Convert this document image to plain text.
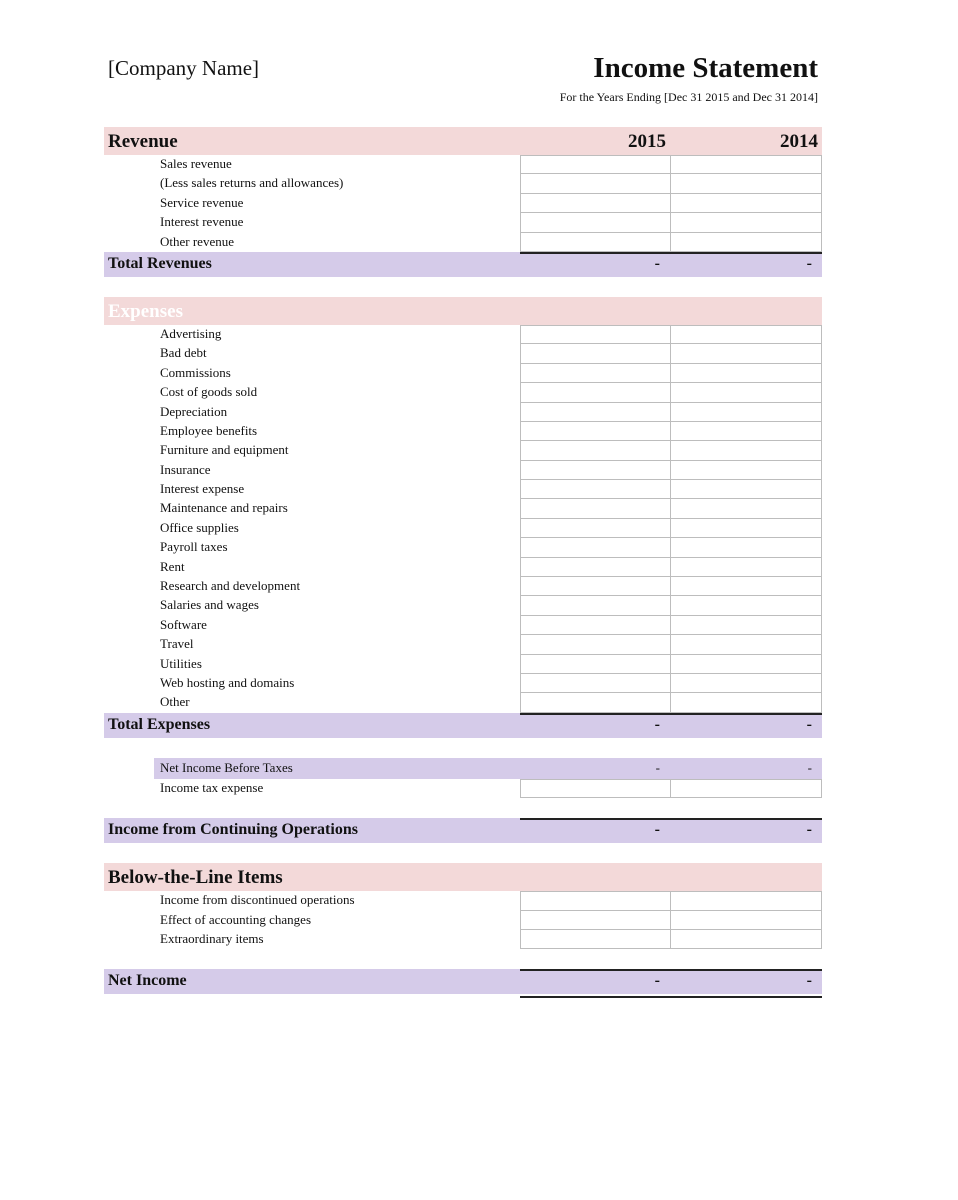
[Company Name]	Income Statement
For the Years Ending [Dec 31 2015 and Dec 31 2014]
Revenue	2015	2014
Sales revenue
(Less sales returns and allowances)
Service revenue
Interest revenue
Other revenue
Total Revenues	-	-
Expenses
Advertising
Bad debt
Commissions
Cost of goods sold
Depreciation
Employee benefits
Furniture and equipment
Insurance
Interest expense
Maintenance and repairs
Office supplies
Payroll taxes
Rent
Research and development
Salaries and wages
Software
Travel
Utilities
Web hosting and domains
Other
Total Expenses	-	-
Net Income Before Taxes	-	-
Income tax expense
Income from Continuing Operations	-	-
Below-the-Line Items
Income from discontinued operations
Effect of accounting changes
Extraordinary items
Net Income	-	-
